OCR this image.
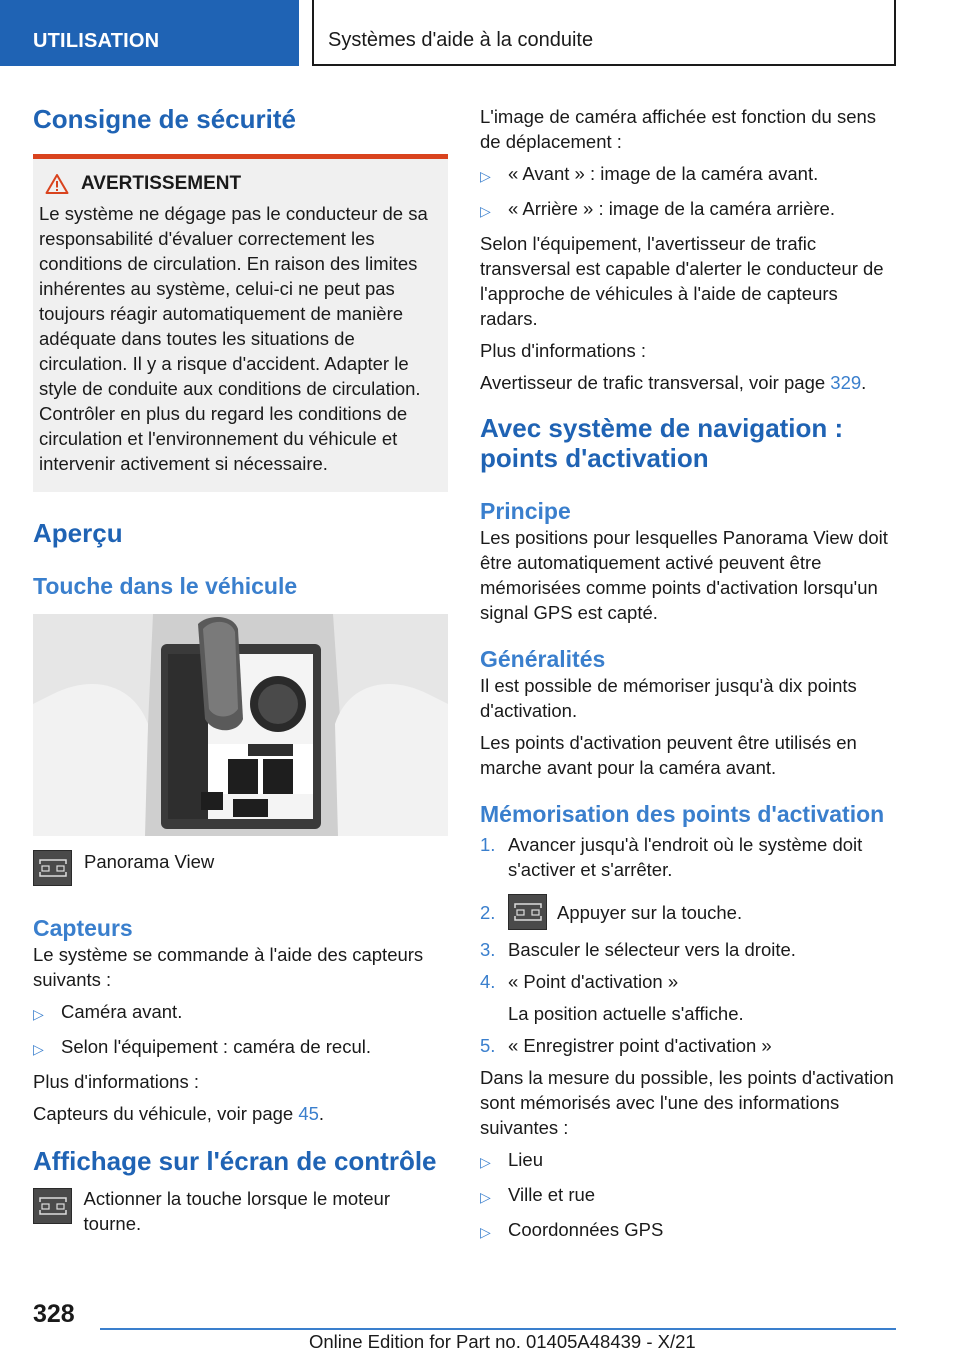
UTILISATION	Systèmes d'aide à la conduite
Consigne de sécurité
AVERTISSEMENT

Le système ne dégage pas le conducteur de sa responsabilité d'évaluer correctement les conditions de circulation. En raison des limites inhérentes au système, celui-ci ne peut pas toujours réagir automatiquement de manière adéquate dans toutes les situations de circulation. Il y a risque d'accident. Adapter le style de conduite aux conditions de circulation. Contrôler en plus du regard les conditions de circulation et l'environnement du véhicule et intervenir activement si nécessaire.

Aperçu
Touche dans le véhicule

Panorama View

Capteurs

Le système se commande à l'aide des capteurs suivants :

▷ Caméra avant.
▷ Selon l'équipement : caméra de recul.

Plus d'informations :

Capteurs du véhicule, voir page 45.

Affichage sur l'écran de contrôle

Actionner la touche lorsque le moteur tourne.

L'image de caméra affichée est fonction du sens de déplacement :

▷ « Avant » : image de la caméra avant.
▷ « Arrière » : image de la caméra arrière.

Selon l'équipement, l'avertisseur de trafic transversal est capable d'alerter le conducteur de l'approche de véhicules à l'aide de capteurs radars.

Plus d'informations :

Avertisseur de trafic transversal, voir page 329.

Avec système de navigation : points d'activation
Principe

Les positions pour lesquelles Panorama View doit être automatiquement activé peuvent être mémorisées comme points d'activation lorsqu'un signal GPS est capté.

Généralités

Il est possible de mémoriser jusqu'à dix points d'activation.

Les points d'activation peuvent être utilisés en marche avant pour la caméra avant.

Mémorisation des points d'activation
1. Avancer jusqu'à l'endroit où le système doit s'activer et s'arrêter.
2.	Appuyer sur la touche.
3. Basculer le sélecteur vers la droite.
4. « Point d'activation »

La position actuelle s'affiche.

5. « Enregistrer point d'activation »

Dans la mesure du possible, les points d'activation sont mémorisés avec l'une des informations suivantes :

▷ Lieu
▷ Ville et rue
▷ Coordonnées GPS
328
Online Edition for Part no. 01405A48439 - X/21
